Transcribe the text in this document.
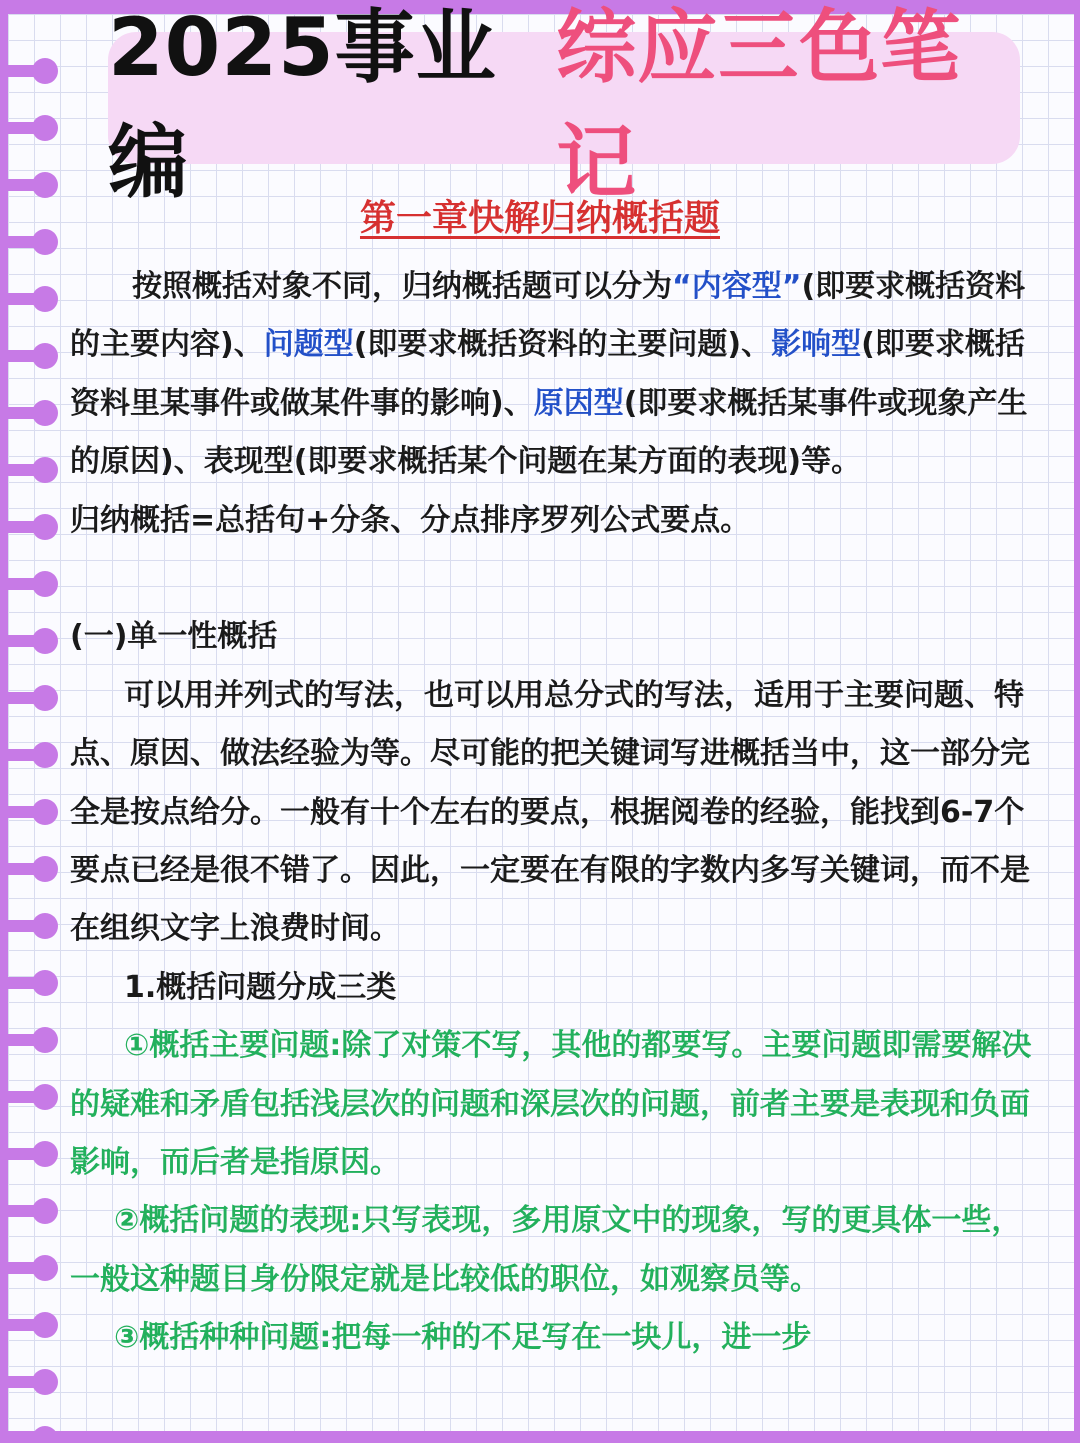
2025事业编
综应三色笔记
第一章快解归纳概括题

按照概括对象不同，归纳概括题可以分为“内容型”(即要求概括资料的主要内容)、问题型(即要求概括资料的主要问题)、影响型(即要求概括资料里某事件或做某件事的影响)、原因型(即要求概括某事件或现象产生的原因)、表现型(即要求概括某个问题在某方面的表现)等。

归纳概括=总括句+分条、分点排序罗列公式要点。

(一)单一性概括

可以用并列式的写法，也可以用总分式的写法，适用于主要问题、特点、原因、做法经验为等。尽可能的把关键词写进概括当中，这一部分完全是按点给分。一般有十个左右的要点，根据阅卷的经验，能找到6-7个要点已经是很不错了。因此，一定要在有限的字数内多写关键词，而不是在组织文字上浪费时间。

1.概括问题分成三类

①概括主要问题:除了对策不写，其他的都要写。主要问题即需要解决的疑难和矛盾包括浅层次的问题和深层次的问题，前者主要是表现和负面影响，而后者是指原因。

②概括问题的表现:只写表现，多用原文中的现象，写的更具体一些，一般这种题目身份限定就是比较低的职位，如观察员等。

③概括种种问题:把每一种的不足写在一块儿，进一步
